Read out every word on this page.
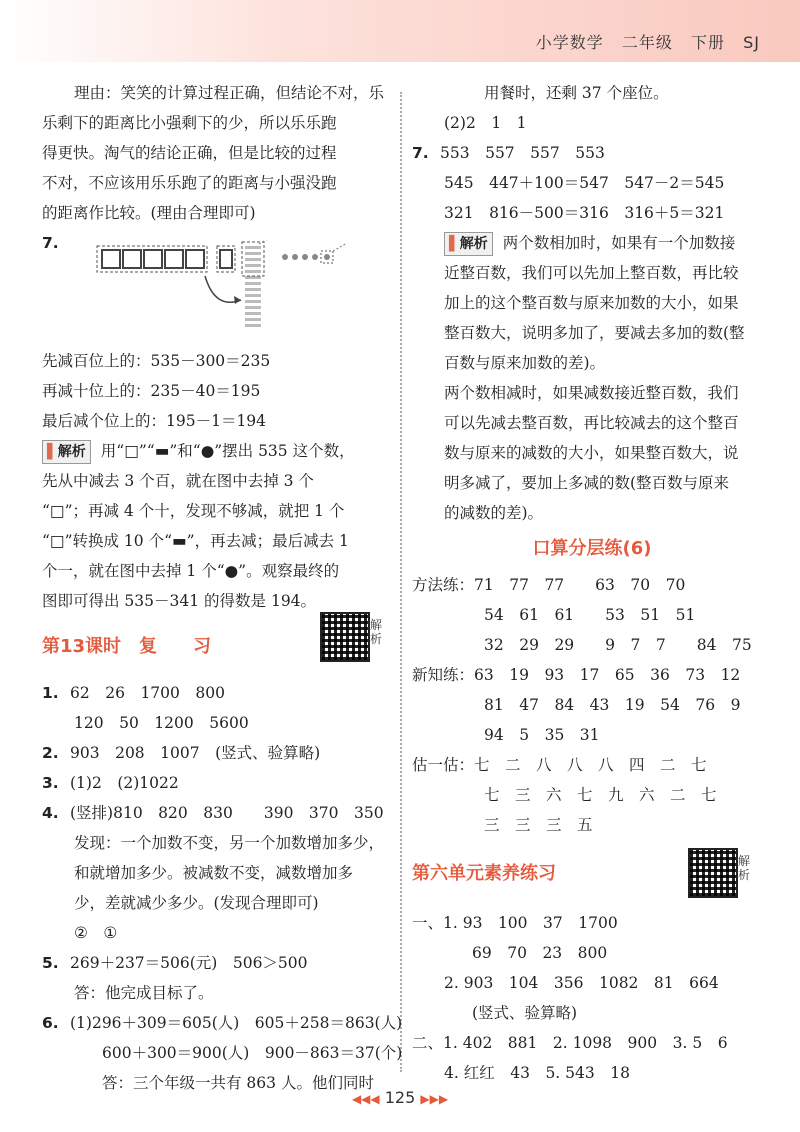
小学数学 二年级 下册 SJ
理由：笑笑的计算过程正确，但结论不对，乐
乐剩下的距离比小强剩下的少，所以乐乐跑
得更快。淘气的结论正确，但是比较的过程
不对，不应该用乐乐跑了的距离与小强没跑
的距离作比较。(理由合理即可)
7.
先减百位上的：535－300＝235
再减十位上的：235－40＝195
最后减个位上的：195－1＝194
▌解析 用“□”“▬”和“●”摆出 535 这个数，
先从中减去 3 个百，就在图中去掉 3 个
“□”；再减 4 个十，发现不够减，就把 1 个
“□”转换成 10 个“▬”，再去减；最后减去 1
个一，就在图中去掉 1 个“●”。观察最终的
图即可得出 535－341 的得数是 194。
第13课时　复　　习
1. 62　26　1700　800
120　50　1200　5600
2. 903　208　1007　(竖式、验算略)
3. (1)2　(2)1022
4. (竖排)810　820　830　　390　370　350
发现：一个加数不变，另一个加数增加多少，
和就增加多少。被减数不变，减数增加多
少，差就减少多少。(发现合理即可)
②　①
5. 269＋237＝506(元)　506＞500
答：他完成目标了。
6. (1)296＋309＝605(人)　605＋258＝863(人)
600＋300＝900(人)　900－863＝37(个)
答：三个年级一共有 863 人。他们同时
解析
用餐时，还剩 37 个座位。
(2)2　1　1
7. 553　557　557　553
545　447＋100＝547　547－2＝545
321　816－500＝316　316＋5＝321
▌解析 两个数相加时，如果有一个加数接
近整百数，我们可以先加上整百数，再比较
加上的这个整百数与原来加数的大小，如果
整百数大，说明多加了，要减去多加的数(整
百数与原来加数的差)。
两个数相减时，如果减数接近整百数，我们
可以先减去整百数，再比较减去的这个整百
数与原来的减数的大小，如果整百数大，说
明多减了，要加上多减的数(整百数与原来
的减数的差)。
口算分层练(6)
方法练：71　77　77　　63　70　70
54　61　61　　53　51　51
32　29　29　　9　7　7　　84　75
新知练：63　19　93　17　65　36　73　12
81　47　84　43　19　54　76　9
94　5　35　31
估一估：七　二　八　八　八　四　二　七
七　三　六　七　九　六　二　七
三　三　三　五
第六单元素养练习
一、1. 93　100　37　1700
69　70　23　800
2. 903　104　356　1082　81　664
(竖式、验算略)
二、1. 402　881　2. 1098　900　3. 5　6
4. 红红　43　5. 543　18
解析
◀◀◀ 125 ▶▶▶
